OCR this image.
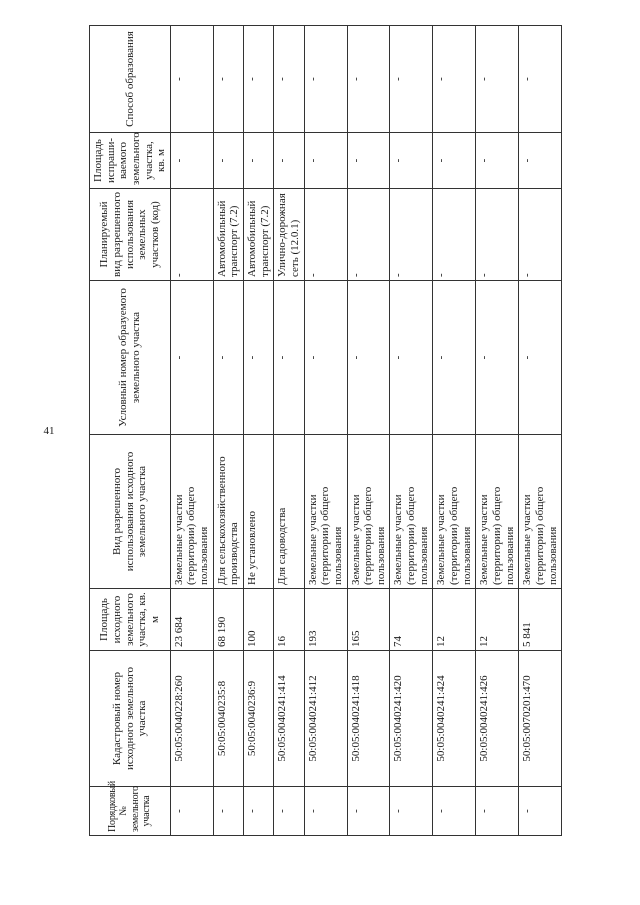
41
Порядковый № земельного участка	Кадастровый номер исходного земельного участка	Площадь исходного земельного участка, кв. м	Вид разрешенного использования исходного земельного участка	Условный номер образуемого земельного участка	Планируемый вид разрешенного использования земельных участков (код)	Площадь испраши- ваемого земельного участка, кв. м	Способ образования
-	50:05:0040228:260	23 684	Земельные участки (территории) общего пользования	-	-	-	-
-	50:05:0040235:8	68 190	Для сельскохозяйственного производства	-	Автомобильный транспорт (7.2)	-	-
-	50:05:0040236:9	100	Не установлено	-	Автомобильный транспорт (7.2)	-	-
-	50:05:0040241:414	16	Для садоводства	-	Улично-дорожная сеть (12.0.1)	-	-
-	50:05:0040241:412	193	Земельные участки (территории) общего пользования	-	-	-	-
-	50:05:0040241:418	165	Земельные участки (территории) общего пользования	-	-	-	-
-	50:05:0040241:420	74	Земельные участки (территории) общего пользования	-	-	-	-
-	50:05:0040241:424	12	Земельные участки (территории) общего пользования	-	-	-	-
-	50:05:0040241:426	12	Земельные участки (территории) общего пользования	-	-	-	-
-	50:05:0070201:470	5 841	Земельные участки (территории) общего пользования	-	-	-	-
